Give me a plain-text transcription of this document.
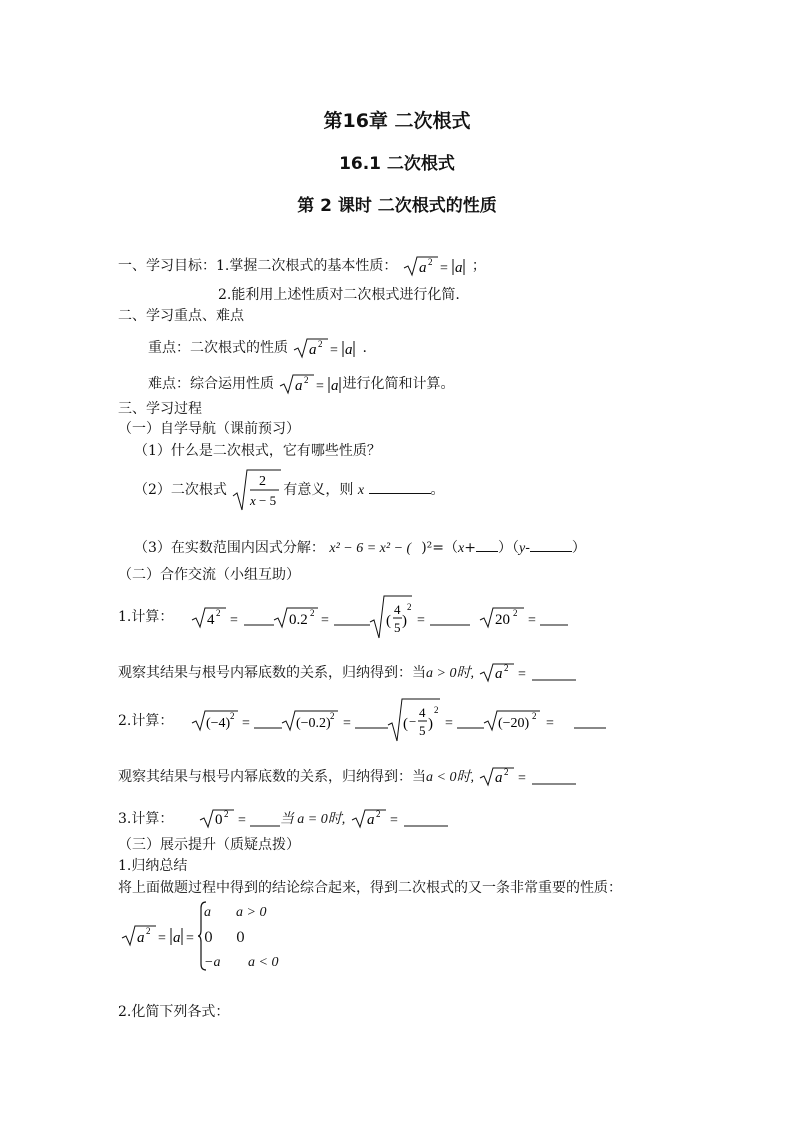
第16章 二次根式
16.1 二次根式
第 2 课时 二次根式的性质
一、学习目标：1.掌握二次根式的基本性质： a 2 = a ；
2.能利用上述性质对二次根式进行化简.
二、学习重点、难点
重点：二次根式的性质 a 2 = a .
难点：综合运用性质 a 2 = a 进行化简和计算。
三、学习过程
（一）自学导航（课前预习）
（1）什么是二次根式，它有哪些性质？
（2）二次根式
2
x − 5
有意义，则 x	。
（3）在实数范围内因式分解： x² − 6 = x² − ( )²=（x+ ）（y-	）
（二）合作交流（小组互助）
1.计算： 4 2 =	0.2 2 =	(
4
5 )
2
=	20 2 =
观察其结果与根号内幂底数的关系，归纳得到：当a > 0时, a 2 =
2.计算： (−4) 2 =	(−0.2) 2 =	( −
4
5 )
2
=	(−20) 2 =
观察其结果与根号内幂底数的关系，归纳得到：当a < 0时, a 2 =
3.计算：	0 2 = 当 a = 0时, a 2 =
（三）展示提升（质疑点拨）
1.归纳总结
将上面做题过程中得到的结论综合起来，得到二次根式的又一条非常重要的性质：
a 2 = a =
a a > 0
0 0
−a a < 0
2.化简下列各式：
